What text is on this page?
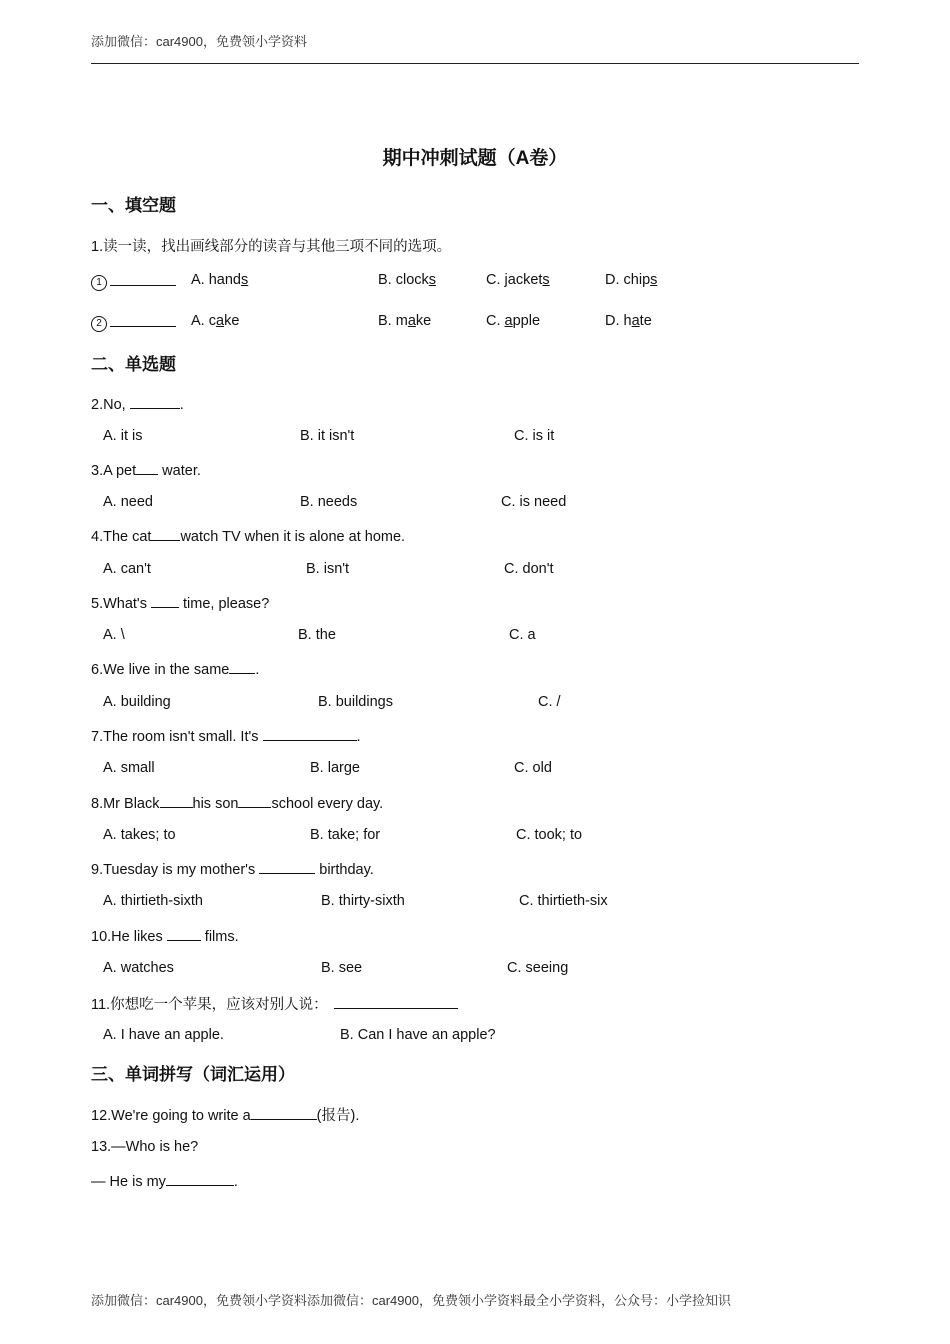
添加微信：car4900，免费领小学资料
期中冲刺试题（A卷）
一、填空题
1.读一读，找出画线部分的读音与其他三项不同的选项。
1	A. hands	B. clocks	C. jackets	D. chips
2	A. cake	B. make	C. apple	D. hate
二、单选题
2.No,	.
A. it is	B. it isn't	C. is it
3.A pet water.
A. need	B. needs	C. is need
4.The cat watch TV when it is alone at home.
A. can't	B. isn't	C. don't
5.What's  time, please?
A. \	B. the	C. a
6.We live in the same .
A. building	B. buildings	C. /
7.The room isn't small. It's	.
A. small	B. large	C. old
8.Mr Black his son school every day.
A. takes; to	B. take; for	C. took; to
9.Tuesday is my mother's	birthday.
A. thirtieth-sixth	B. thirty-sixth	C. thirtieth-six
10.He likes  films.
A. watches	B. see	C. seeing
11.你想吃一个苹果，应该对别人说：
A. I have an apple.	B. Can I have an apple?
三、单词拼写（词汇运用）
12.We're going to write a	(报告).
13.—Who is he?
— He is my	.
添加微信：car4900，免费领小学资料添加微信：car4900，免费领小学资料最全小学资料，公众号：小学捡知识
